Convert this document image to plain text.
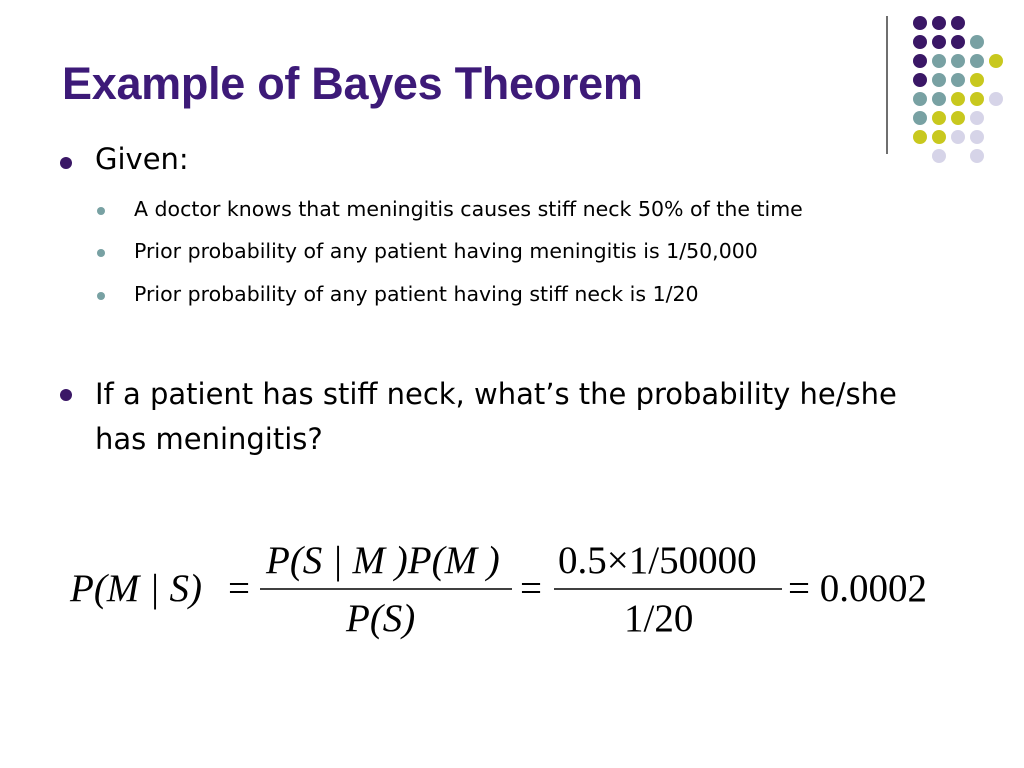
Example of Bayes Theorem
Given:
A doctor knows that meningitis causes stiff neck 50% of the time
Prior probability of any patient having meningitis is 1/50,000
Prior probability of any patient having stiff neck is 1/20
If a patient has stiff neck, what’s the probability he/she has meningitis?
P(M | S) =
P(S | M )P(M )
P(S)
=
0.5×1/50000
1/20
= 0.0002
